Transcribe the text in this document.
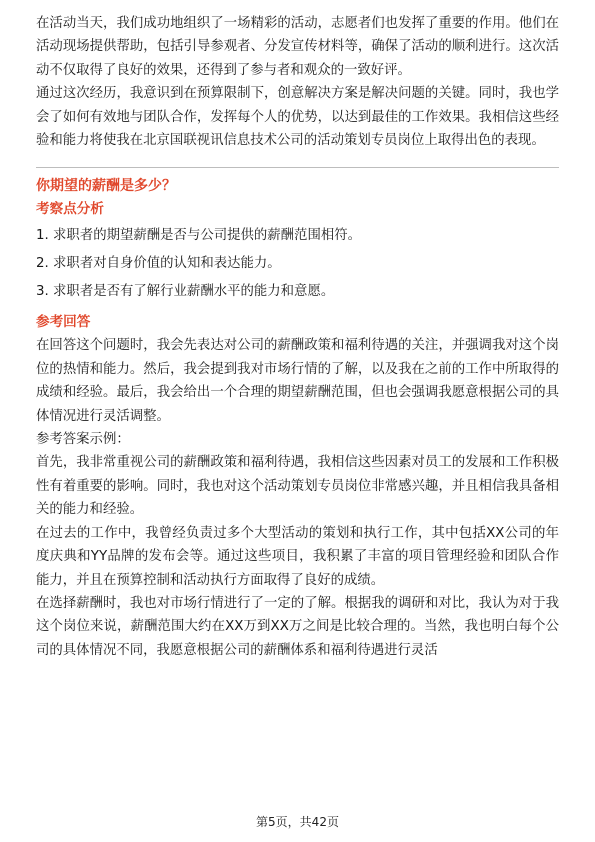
在活动当天，我们成功地组织了一场精彩的活动，志愿者们也发挥了重要的作用。他们在活动现场提供帮助，包括引导参观者、分发宣传材料等，确保了活动的顺利进行。这次活动不仅取得了良好的效果，还得到了参与者和观众的一致好评。

通过这次经历，我意识到在预算限制下，创意解决方案是解决问题的关键。同时，我也学会了如何有效地与团队合作，发挥每个人的优势，以达到最佳的工作效果。我相信这些经验和能力将使我在北京国联视讯信息技术公司的活动策划专员岗位上取得出色的表现。

你期望的薪酬是多少？

考察点分析

1. 求职者的期望薪酬是否与公司提供的薪酬范围相符。

2. 求职者对自身价值的认知和表达能力。

3. 求职者是否有了解行业薪酬水平的能力和意愿。

参考回答

在回答这个问题时，我会先表达对公司的薪酬政策和福利待遇的关注，并强调我对这个岗位的热情和能力。然后，我会提到我对市场行情的了解，以及我在之前的工作中所取得的成绩和经验。最后，我会给出一个合理的期望薪酬范围，但也会强调我愿意根据公司的具体情况进行灵活调整。

参考答案示例：

首先，我非常重视公司的薪酬政策和福利待遇，我相信这些因素对员工的发展和工作积极性有着重要的影响。同时，我也对这个活动策划专员岗位非常感兴趣，并且相信我具备相关的能力和经验。

在过去的工作中，我曾经负责过多个大型活动的策划和执行工作，其中包括XX公司的年度庆典和YY品牌的发布会等。通过这些项目，我积累了丰富的项目管理经验和团队合作能力，并且在预算控制和活动执行方面取得了良好的成绩。

在选择薪酬时，我也对市场行情进行了一定的了解。根据我的调研和对比，我认为对于我这个岗位来说，薪酬范围大约在XX万到XX万之间是比较合理的。当然，我也明白每个公司的具体情况不同，我愿意根据公司的薪酬体系和福利待遇进行灵活

第5页，共42页
